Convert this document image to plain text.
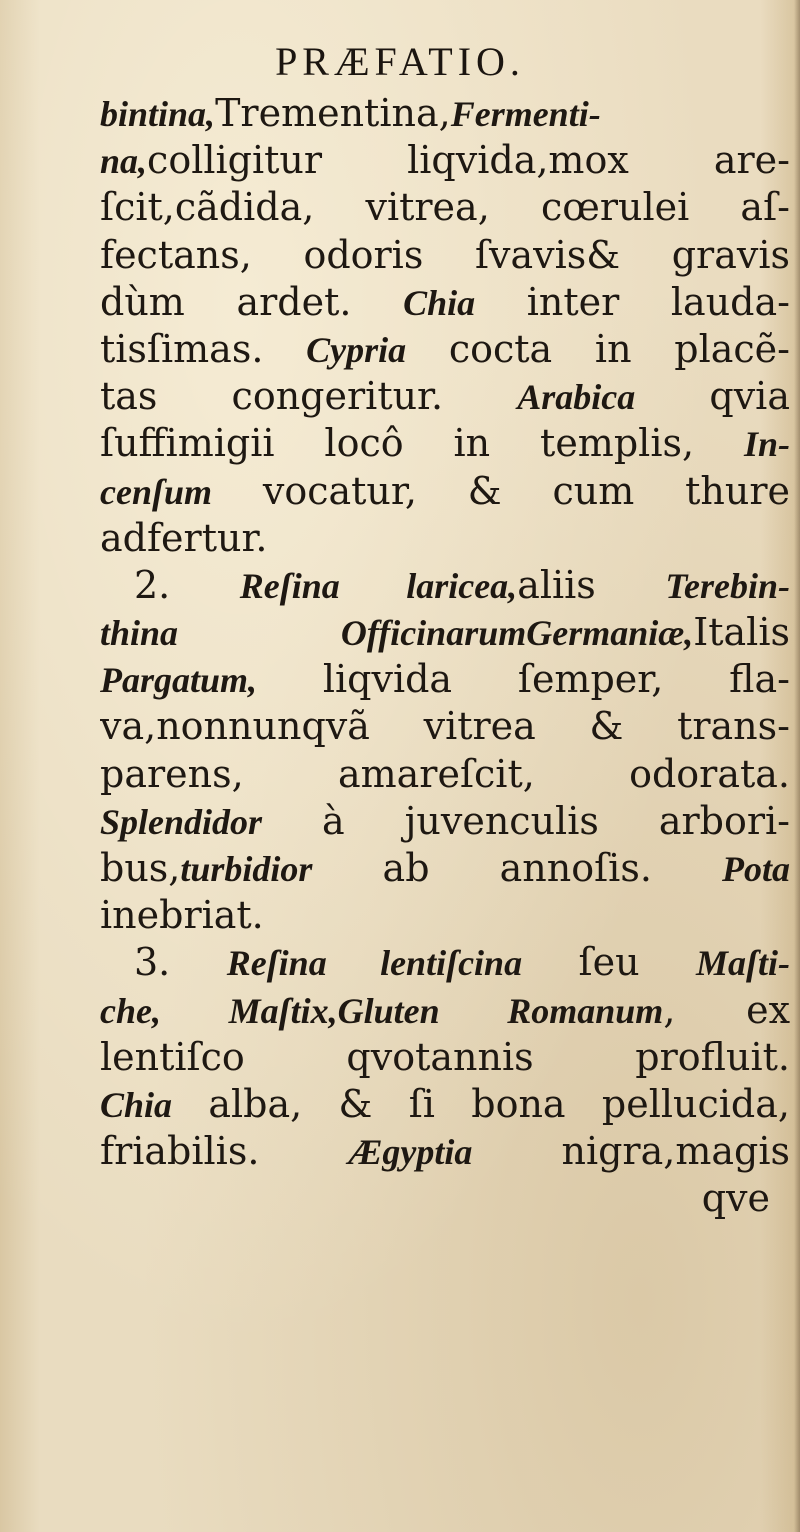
PRÆFATIO.
bintina,Trementina,Fermenti-
na,colligitur liqvida,mox are-
ſcit,cãdida, vitrea, cœrulei aſ-
fectans, odoris ſvavis& gravis
dùm ardet. Chia inter lauda-
tisſimas. Cypria cocta in placẽ-
tas congeritur. Arabica qvia
ſuffimigii locô in templis, In-
cenſum vocatur, & cum thure
adfertur.
2. Reſina laricea,aliis Terebin-
thina OfficinarumGermaniæ,Italis
Pargatum, liqvida ſemper, fla-
va,nonnunqvã vitrea & trans-
parens, amareſcit, odorata.
Splendidor à juvenculis arbori-
bus,turbidior ab annoſis. Pota
inebriat.
3. Reſina lentiſcina ſeu Maſti-
che, Maſtix,Gluten Romanum, ex
lentiſco qvotannis profluit.
Chia alba, & ſi bona pellucida,
friabilis. Ægyptia nigra,magis
qve
